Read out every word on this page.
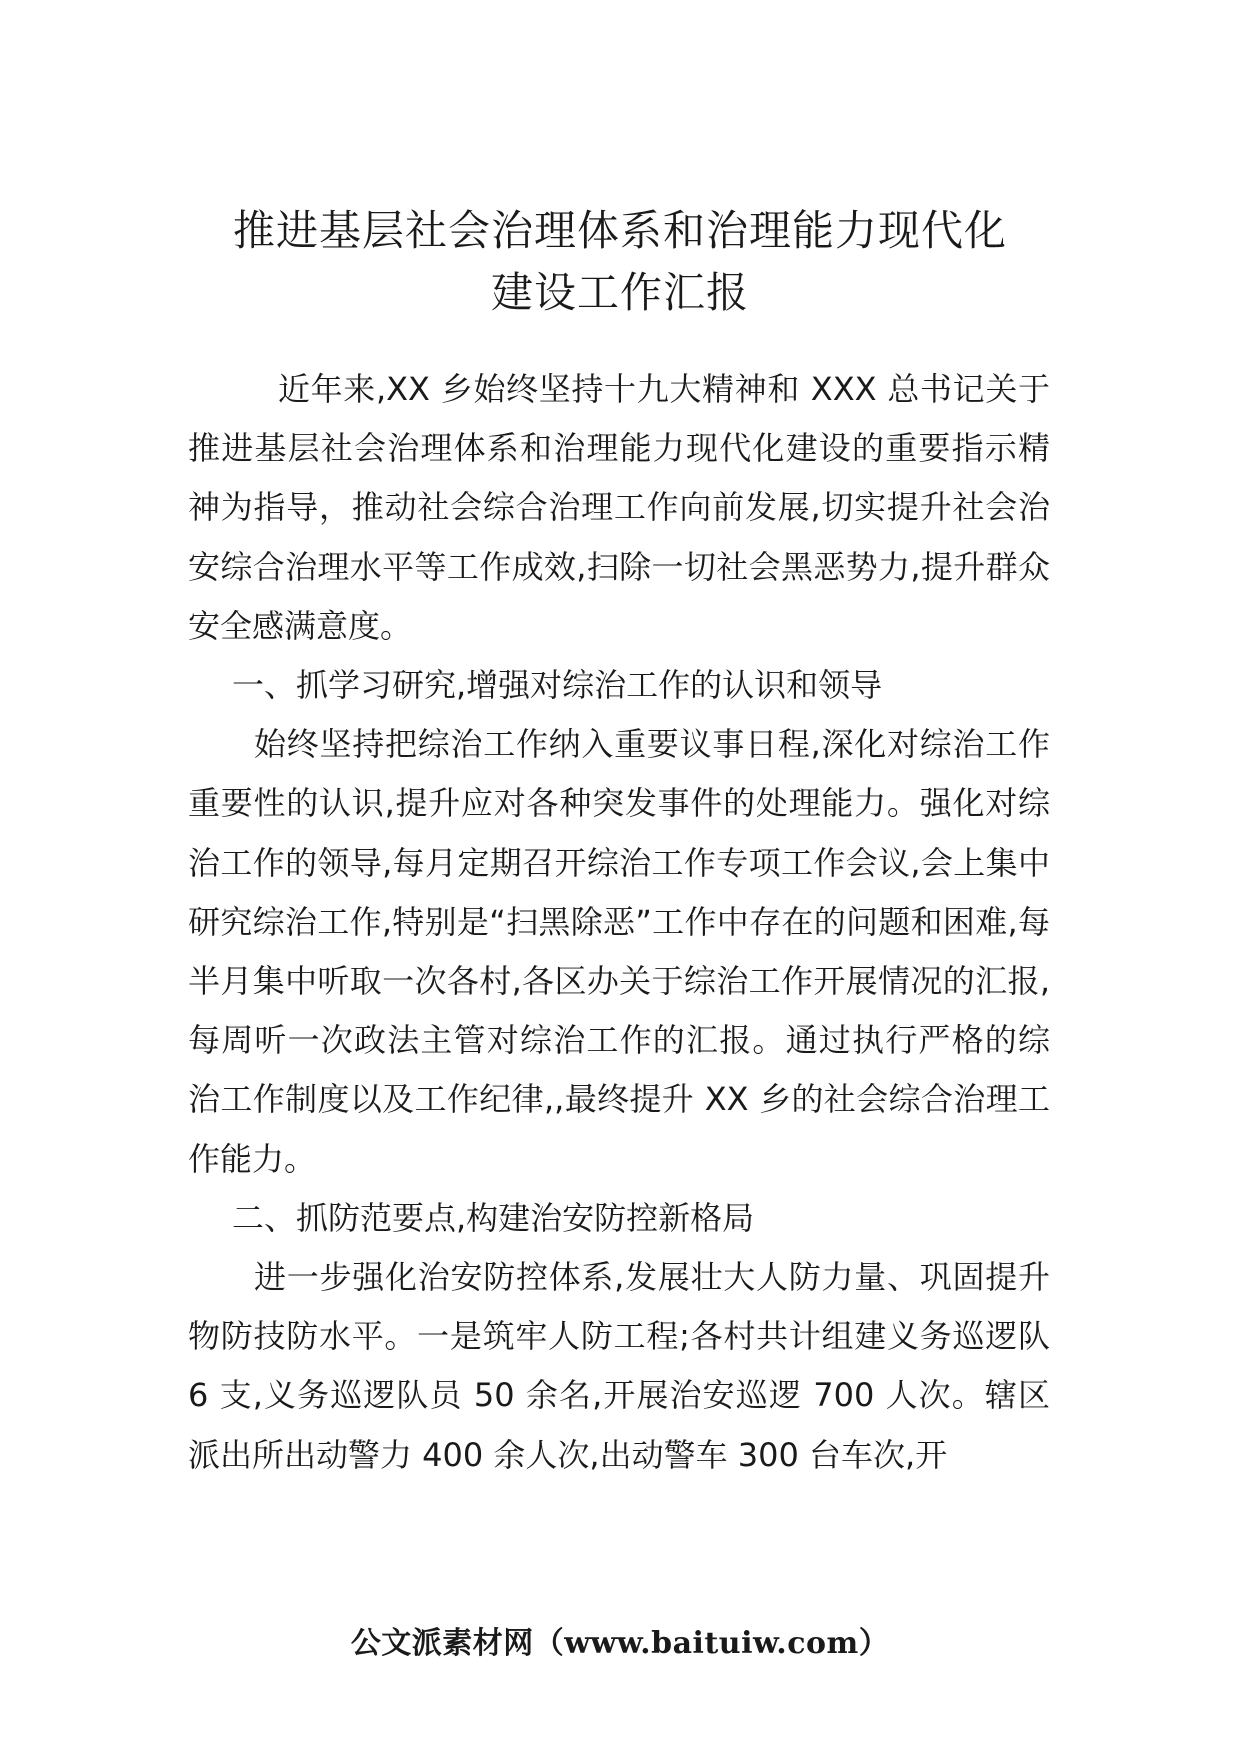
推进基层社会治理体系和治理能力现代化
建设工作汇报

近年来,XX 乡始终坚持十九大精神和 XXX 总书记关于推进基层社会治理体系和治理能力现代化建设的重要指示精神为指导，推动社会综合治理工作向前发展,切实提升社会治安综合治理水平等工作成效,扫除一切社会黑恶势力,提升群众安全感满意度。

一、抓学习研究,增强对综治工作的认识和领导

始终坚持把综治工作纳入重要议事日程,深化对综治工作重要性的认识,提升应对各种突发事件的处理能力。强化对综治工作的领导,每月定期召开综治工作专项工作会议,会上集中研究综治工作,特别是“扫黑除恶”工作中存在的问题和困难,每半月集中听取一次各村,各区办关于综治工作开展情况的汇报,每周听一次政法主管对综治工作的汇报。通过执行严格的综治工作制度以及工作纪律,,最终提升 XX 乡的社会综合治理工作能力。

二、抓防范要点,构建治安防控新格局

进一步强化治安防控体系,发展壮大人防力量、巩固提升物防技防水平。一是筑牢人防工程;各村共计组建义务巡逻队 6 支,义务巡逻队员 50 余名,开展治安巡逻 700 人次。辖区派出所出动警力 400 余人次,出动警车 300 台车次,开

公文派素材网（www.baituiw.com）
